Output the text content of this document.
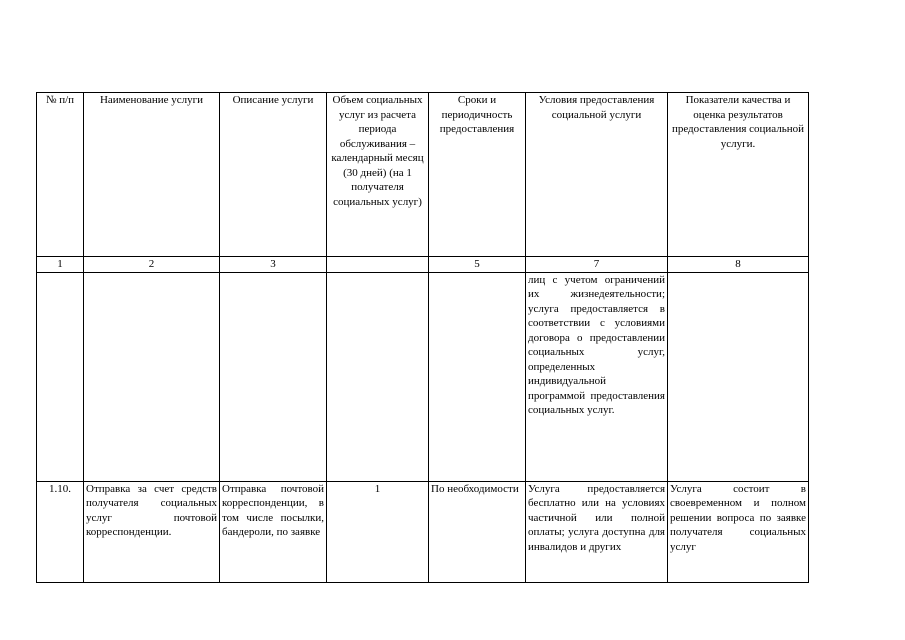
№ п/п	Наименование услуги	Описание услуги	Объем социальных услуг из расчета периода обслуживания – календарный месяц (30 дней) (на 1 получателя социальных услуг)	Сроки и периодичность предоставления	Условия предоставления социальной услуги	Показатели качества и оценка результатов предоставления социальной услуги.
1	2	3		5	7	8
					лиц с учетом ограничений их жизнедеятельности; услуга предоставляется в соответствии с условиями договора о предоставлении социальных услуг, определенных индивидуальной программой предоставления социальных услуг.	
1.10.	Отправка за счет средств получателя социальных услуг почтовой корреспонденции.	Отправка почтовой корреспонденции, в том числе посылки, бандероли, по заявке	1	По необходимости	Услуга предоставляется бесплатно или на условиях частичной или полной оплаты; услуга доступна для инвалидов и других	Услуга состоит в своевременном и полном решении вопроса по заявке получателя социальных услуг
